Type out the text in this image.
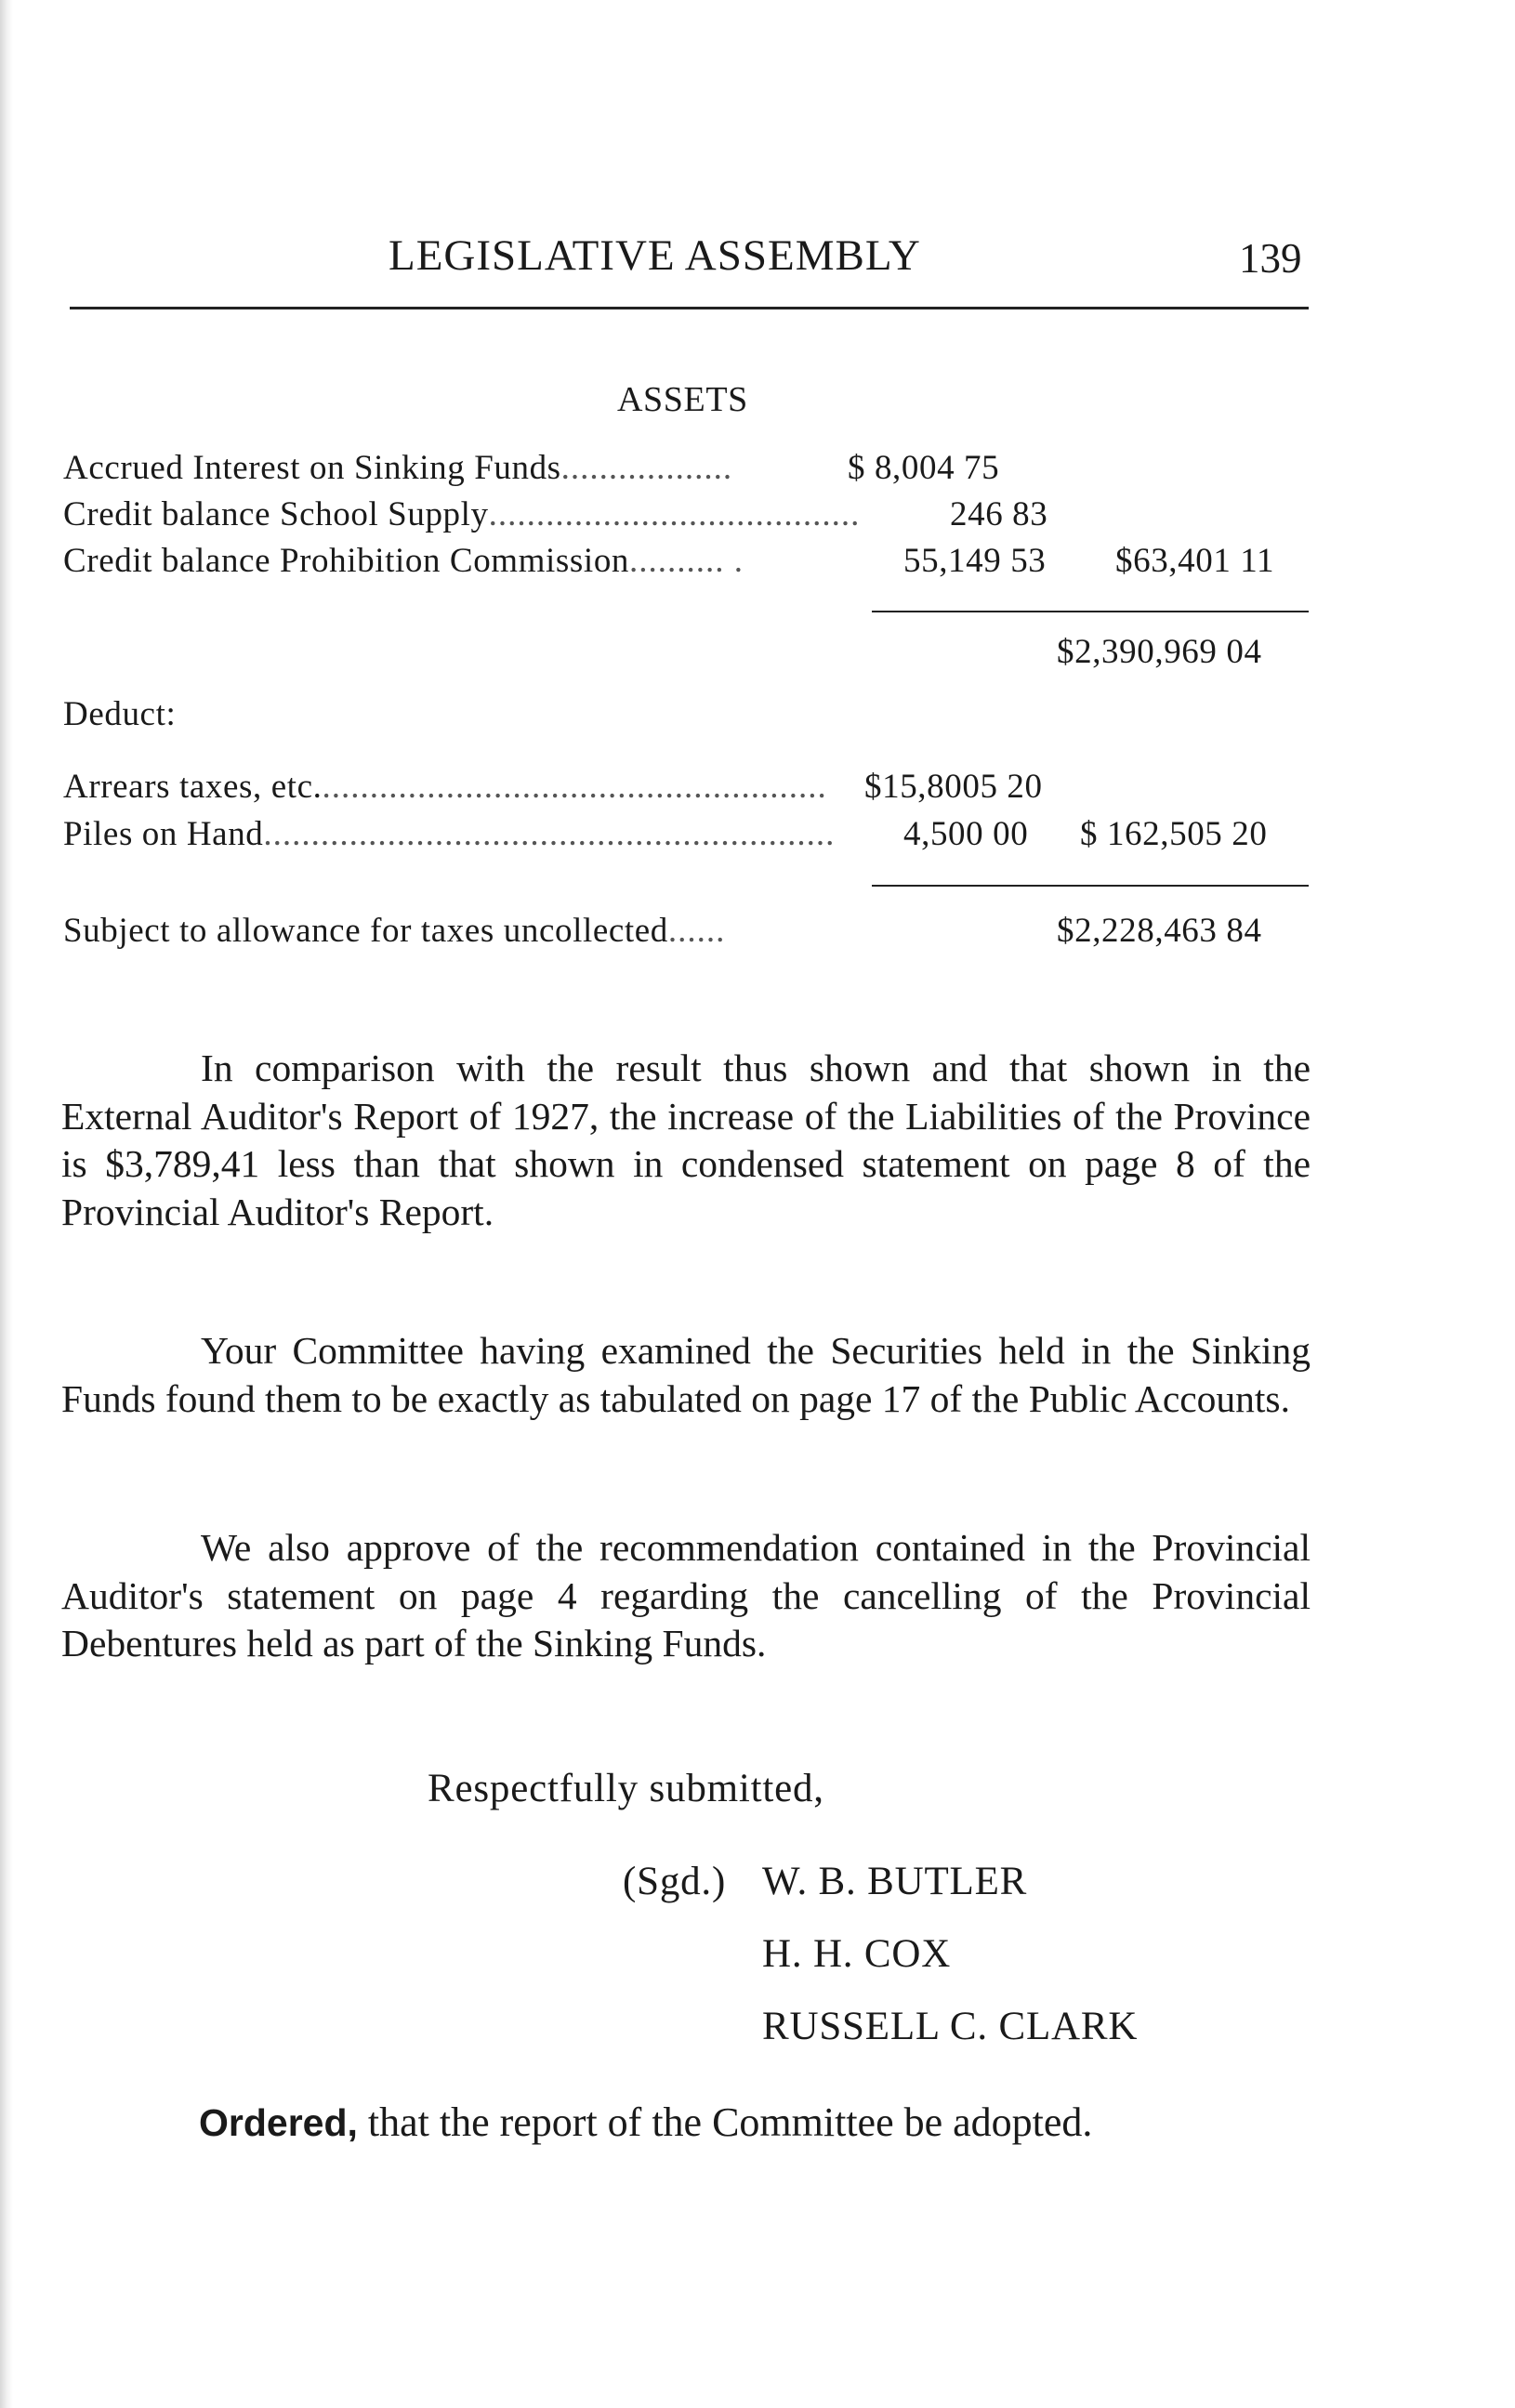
LEGISLATIVE ASSEMBLY	139
ASSETS
Accrued Interest on Sinking Funds..................	$ 8,004 75
Credit balance School Supply.......................................	246 83
Credit balance Prohibition Commission.......... .	55,149 53 $63,401 11
$2,390,969 04
Deduct:
Arrears taxes, etc...................................................... $15,8005 20
Piles on Hand............................................................ 4,500 00 $ 162,505 20
Subject to allowance for taxes uncollected......	$2,228,463 84

In comparison with the result thus shown and that shown in the External Auditor's Report of 1927, the increase of the Liabilities of the Province is $3,789,41 less than that shown in condensed statement on page 8 of the Provincial Auditor's Report.

Your Committee having examined the Securities held in the Sinking Funds found them to be exactly as tabulated on page 17 of the Public Accounts.

We also approve of the recommendation contained in the Provincial Auditor's statement on page 4 regarding the cancelling of the Provincial Debentures held as part of the Sinking Funds.

Respectfully submitted,
(Sgd.) W. B. BUTLER
H. H. COX
RUSSELL C. CLARK
Ordered, that the report of the Committee be adopted.
